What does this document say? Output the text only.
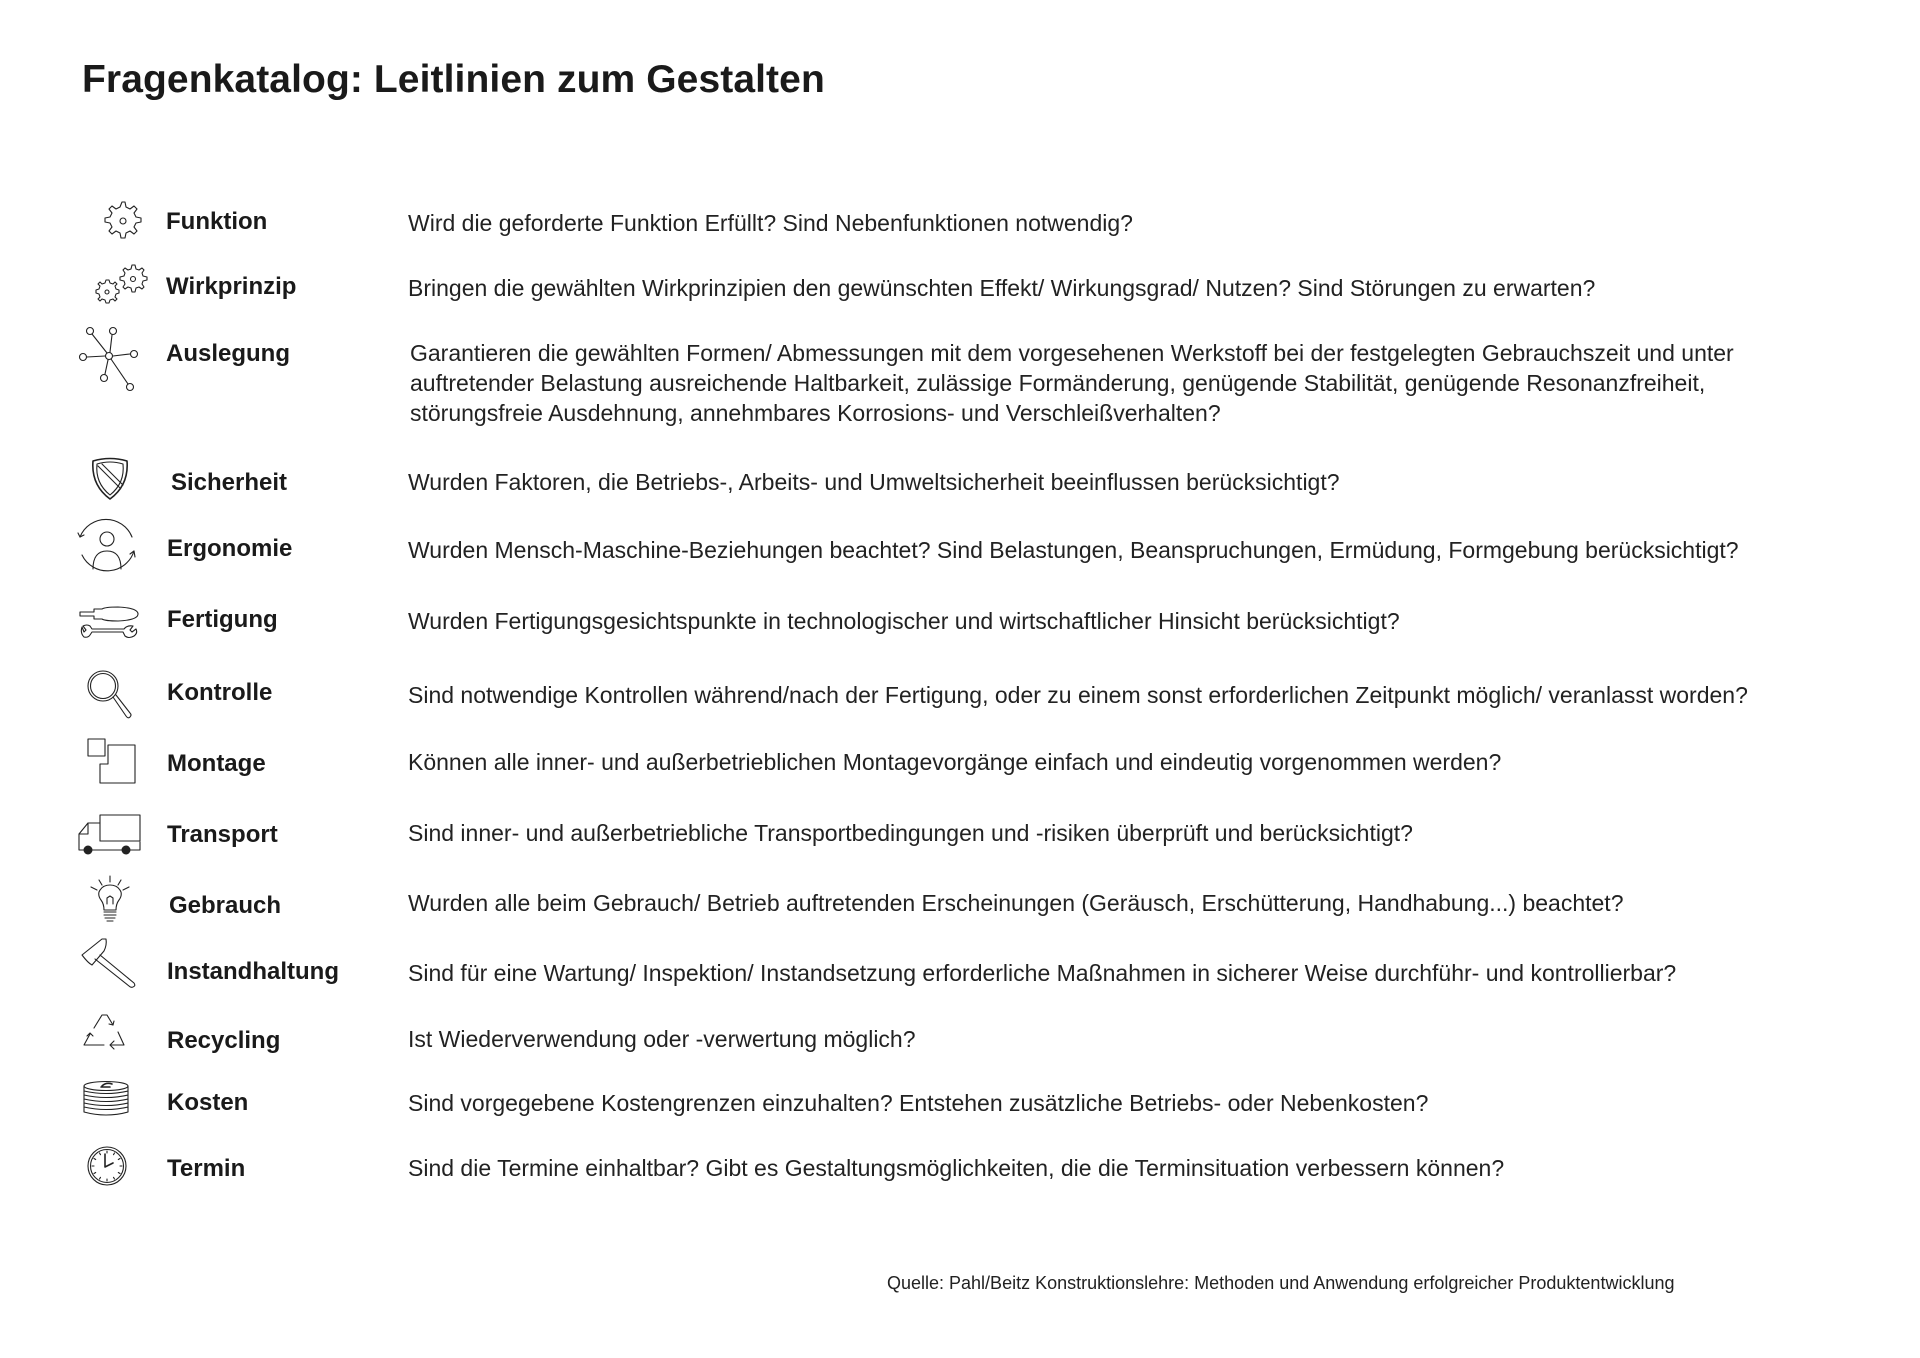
Fragenkatalog: Leitlinien zum Gestalten
Funktion	Wird die geforderte Funktion Erfüllt? Sind Nebenfunktionen notwendig?
Wirkprinzip	Bringen die gewählten Wirkprinzipien den gewünschten Effekt/ Wirkungsgrad/ Nutzen? Sind Störungen zu erwarten?
Auslegung	Garantieren die gewählten Formen/ Abmessungen mit dem vorgesehenen Werkstoff bei der festgelegten Gebrauchszeit und unter
auftretender Belastung ausreichende Haltbarkeit, zulässige Formänderung, genügende Stabilität, genügende Resonanzfreiheit,
störungsfreie Ausdehnung, annehmbares Korrosions- und Verschleißverhalten?
Sicherheit	Wurden Faktoren, die Betriebs-, Arbeits- und Umweltsicherheit beeinflussen berücksichtigt?
Ergonomie	Wurden Mensch-Maschine-Beziehungen beachtet? Sind Belastungen, Beanspruchungen, Ermüdung, Formgebung berücksichtigt?
Fertigung	Wurden Fertigungsgesichtspunkte in technologischer und wirtschaftlicher Hinsicht berücksichtigt?
Kontrolle	Sind notwendige Kontrollen während/nach der Fertigung, oder zu einem sonst erforderlichen Zeitpunkt möglich/ veranlasst worden?
Montage	Können alle inner- und außerbetrieblichen Montagevorgänge einfach und eindeutig vorgenommen werden?
Transport	Sind inner- und außerbetriebliche Transportbedingungen und -risiken überprüft und berücksichtigt?
Gebrauch	Wurden alle beim Gebrauch/ Betrieb auftretenden Erscheinungen (Geräusch, Erschütterung, Handhabung...) beachtet?
Instandhaltung	Sind für eine Wartung/ Inspektion/ Instandsetzung erforderliche Maßnahmen in sicherer Weise durchführ- und kontrollierbar?
Recycling	Ist Wiederverwendung oder -verwertung möglich?
Kosten	Sind vorgegebene Kostengrenzen einzuhalten? Entstehen zusätzliche Betriebs- oder Nebenkosten?
Termin	Sind die Termine einhaltbar? Gibt es Gestaltungsmöglichkeiten, die die Terminsituation verbessern können?
Quelle: Pahl/Beitz Konstruktionslehre: Methoden und Anwendung erfolgreicher Produktentwicklung
